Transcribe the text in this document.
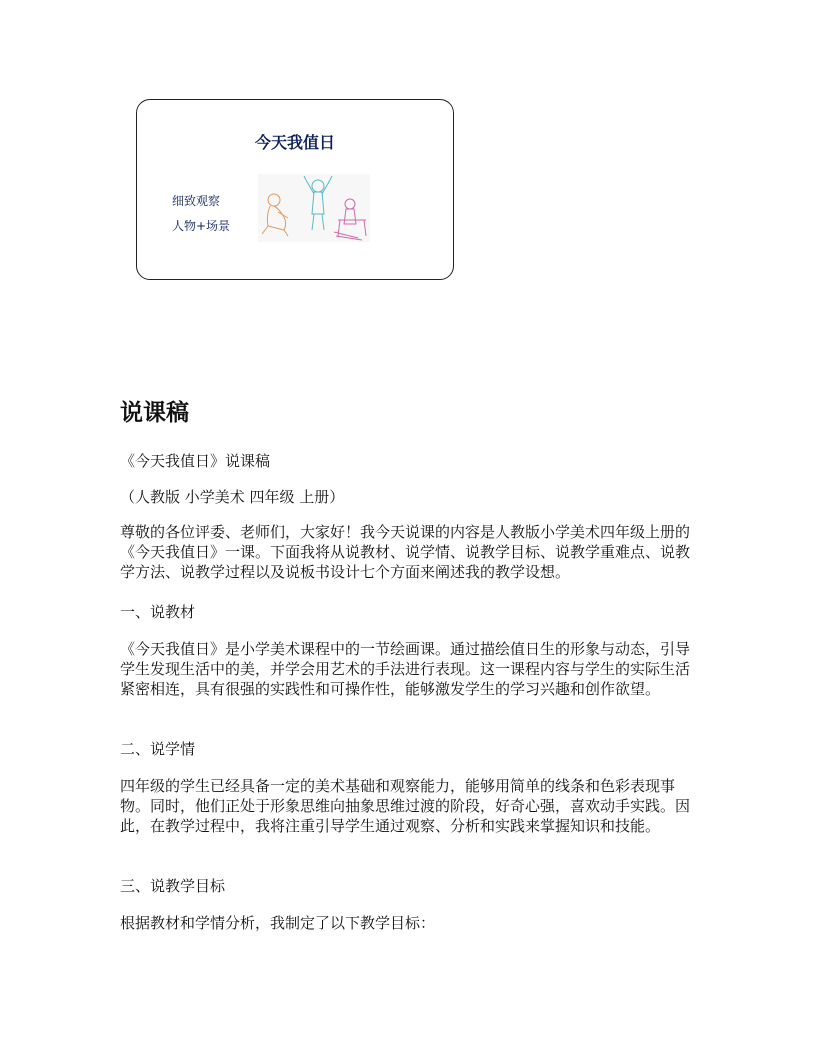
今天我值日
细致观察
人物+场景
说课稿

《今天我值日》说课稿

（人教版 小学美术 四年级 上册）

尊敬的各位评委、老师们，大家好！我今天说课的内容是人教版小学美术四年级上册的《今天我值日》一课。下面我将从说教材、说学情、说教学目标、说教学重难点、说教学方法、说教学过程以及说板书设计七个方面来阐述我的教学设想。

一、说教材

《今天我值日》是小学美术课程中的一节绘画课。通过描绘值日生的形象与动态，引导学生发现生活中的美，并学会用艺术的手法进行表现。这一课程内容与学生的实际生活紧密相连，具有很强的实践性和可操作性，能够激发学生的学习兴趣和创作欲望。

二、说学情

四年级的学生已经具备一定的美术基础和观察能力，能够用简单的线条和色彩表现事物。同时，他们正处于形象思维向抽象思维过渡的阶段，好奇心强，喜欢动手实践。因此，在教学过程中，我将注重引导学生通过观察、分析和实践来掌握知识和技能。

三、说教学目标

根据教材和学情分析，我制定了以下教学目标：
